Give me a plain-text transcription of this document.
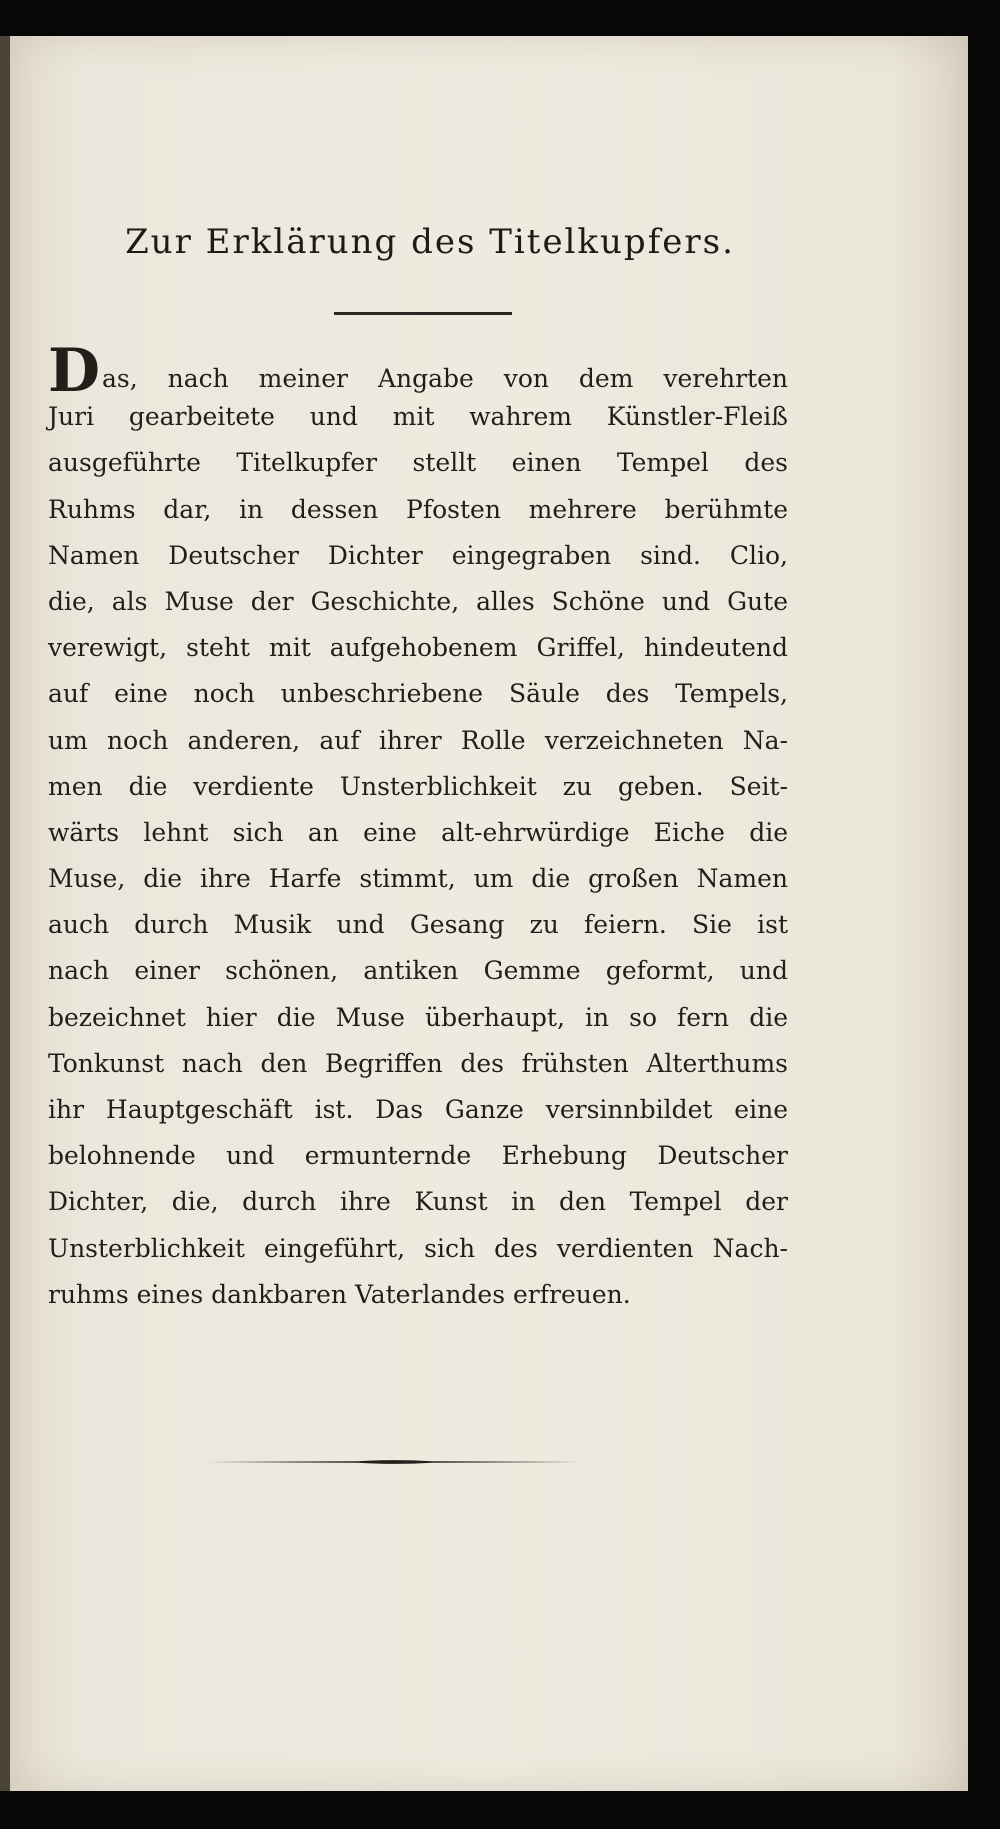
Zur Erklärung des Titelkupfers.
Das, nach meiner Angabe von dem verehrten
Juri gearbeitete und mit wahrem Künstler-Fleiß
ausgeführte Titelkupfer stellt einen Tempel des
Ruhms dar, in dessen Pfosten mehrere berühmte
Namen Deutscher Dichter eingegraben sind. Clio,
die, als Muse der Geschichte, alles Schöne und Gute
verewigt, steht mit aufgehobenem Griffel, hindeutend
auf eine noch unbeschriebene Säule des Tempels,
um noch anderen, auf ihrer Rolle verzeichneten Na-
men die verdiente Unsterblichkeit zu geben. Seit-
wärts lehnt sich an eine alt-ehrwürdige Eiche die
Muse, die ihre Harfe stimmt, um die großen Namen
auch durch Musik und Gesang zu feiern. Sie ist
nach einer schönen, antiken Gemme geformt, und
bezeichnet hier die Muse überhaupt, in so fern die
Tonkunst nach den Begriffen des frühsten Alterthums
ihr Hauptgeschäft ist. Das Ganze versinnbildet eine
belohnende und ermunternde Erhebung Deutscher
Dichter, die, durch ihre Kunst in den Tempel der
Unsterblichkeit eingeführt, sich des verdienten Nach-
ruhms eines dankbaren Vaterlandes erfreuen.
